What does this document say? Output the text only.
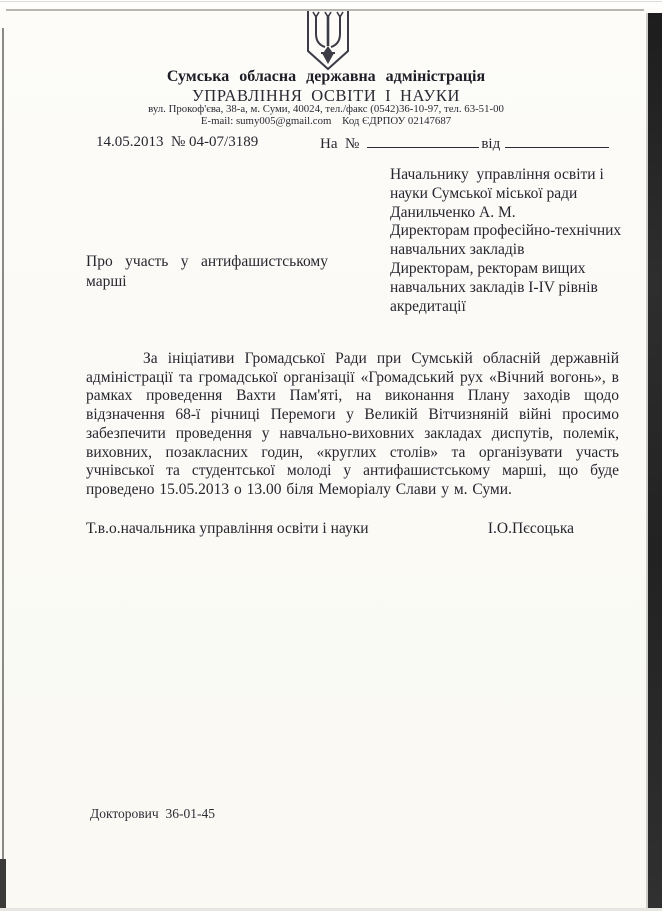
Сумська обласна державна адміністрація
УПРАВЛІННЯ ОСВІТИ І НАУКИ
вул. Прокоф'єва, 38-а, м. Суми, 40024, тел./факс (0542)36-10-97, тел. 63-51-00
E-mail: sumy005@gmail.com    Код ЄДРПОУ 02147687
14.05.2013  № 04-07/3189	На  №	від
Начальнику  управління освіти і
науки Сумської міської ради
Данильченко А. М.
Директорам професійно-технічних
навчальних закладів
Директорам, ректорам вищих
навчальних закладів I-IV рівнів
акредитації
Про участь у антифашистському марші
За ініціативи Громадської Ради при Сумській обласній державній адміністрації та громадської організації «Громадський рух «Вічний вогонь», в рамках проведення Вахти Пам'яті, на виконання Плану заходів щодо відзначення 68-ї річниці Перемоги у Великій Вітчизняній війні просимо забезпечити проведення у навчально-виховних закладах диспутів, полемік, виховних, позакласних годин, «круглих столів» та організувати участь учнівської та студентської молоді у антифашистському марші, що буде проведено 15.05.2013 о 13.00 біля Меморіалу Слави у м. Суми.
Т.в.о.начальника управління освіти і науки	І.О.Пєсоцька
Докторович  36-01-45
